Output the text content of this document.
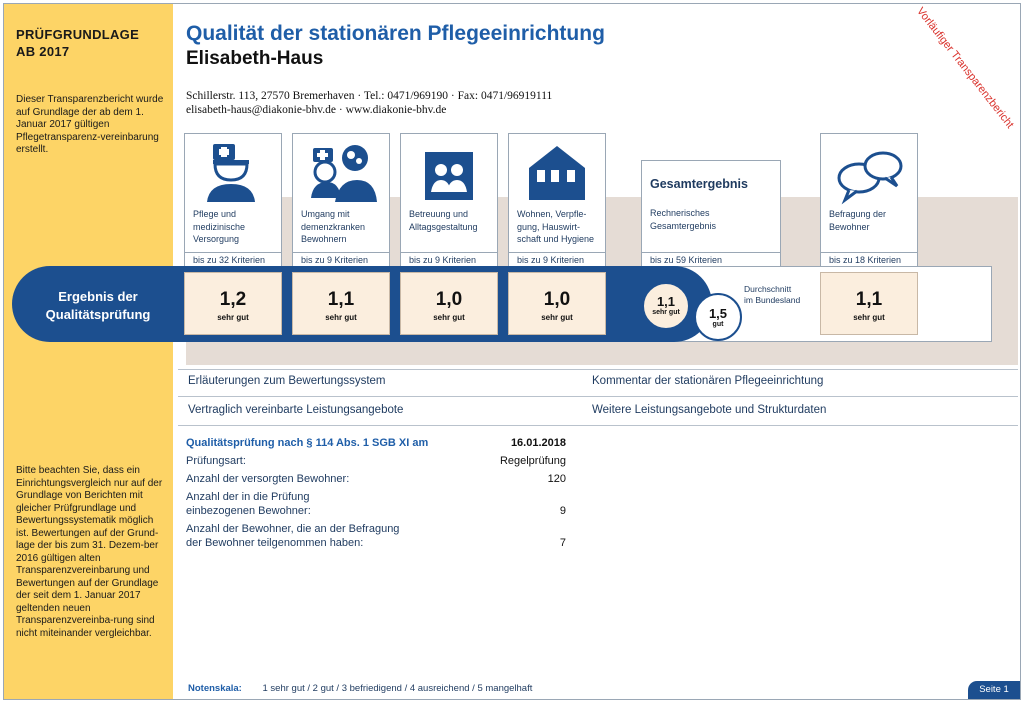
PRÜFGRUNDLAGE
AB 2017
Dieser Transparenzbericht wurde auf Grundlage der ab dem 1. Januar 2017 gültigen Pflegetransparenz-vereinbarung erstellt.
Bitte beachten Sie, dass ein Einrichtungsvergleich nur auf der Grundlage von Berichten mit gleicher Prüfgrundlage und Bewertungssystematik möglich ist. Bewertungen auf der Grund-lage der bis zum 31. Dezem-ber 2016 gültigen alten Transparenzvereinbarung und Bewertungen auf der Grundlage der seit dem 1. Januar 2017 geltenden neuen Transparenzvereinba-rung sind nicht miteinander vergleichbar.
Qualität der stationären Pflegeeinrichtung
Elisabeth-Haus
Schillerstr. 113, 27570 Bremerhaven · Tel.: 0471/969190 · Fax: 0471/96919111
elisabeth-haus@diakonie-bhv.de · www.diakonie-bhv.de	Vorläufiger Transparenzbericht
Pflege und medizinische Versorgung
bis zu 32 Kriterien
Umgang mit demenzkranken Bewohnern
bis zu 9 Kriterien
Betreuung und Alltagsgestaltung
bis zu 9 Kriterien
Wohnen, Verpfle-gung, Hauswirt-schaft und Hygiene
bis zu 9 Kriterien
Gesamtergebnis
Rechnerisches Gesamtergebnis
bis zu 59 Kriterien
Befragung der Bewohner
bis zu 18 Kriterien
Ergebnis der
Qualitätsprüfung
1,2
sehr gut
1,1
sehr gut
1,0
sehr gut
1,0
sehr gut
1,1
sehr gut	1,5
gut
Durchschnitt
im Bundesland	1,1
sehr gut
Erläuterungen zum Bewertungssystem	Kommentar der stationären Pflegeeinrichtung
Vertraglich vereinbarte Leistungsangebote	Weitere Leistungsangebote und Strukturdaten
Qualitätsprüfung nach § 114 Abs. 1 SGB XI am	16.01.2018
Prüfungsart:	Regelprüfung
Anzahl der versorgten Bewohner:	120
Anzahl der in die Prüfung
einbezogenen Bewohner:	9
Anzahl der Bewohner, die an der Befragung
der Bewohner teilgenommen haben:	7
Notenskala: 1 sehr gut / 2 gut / 3 befriedigend / 4 ausreichend / 5 mangelhaft	Seite 1
